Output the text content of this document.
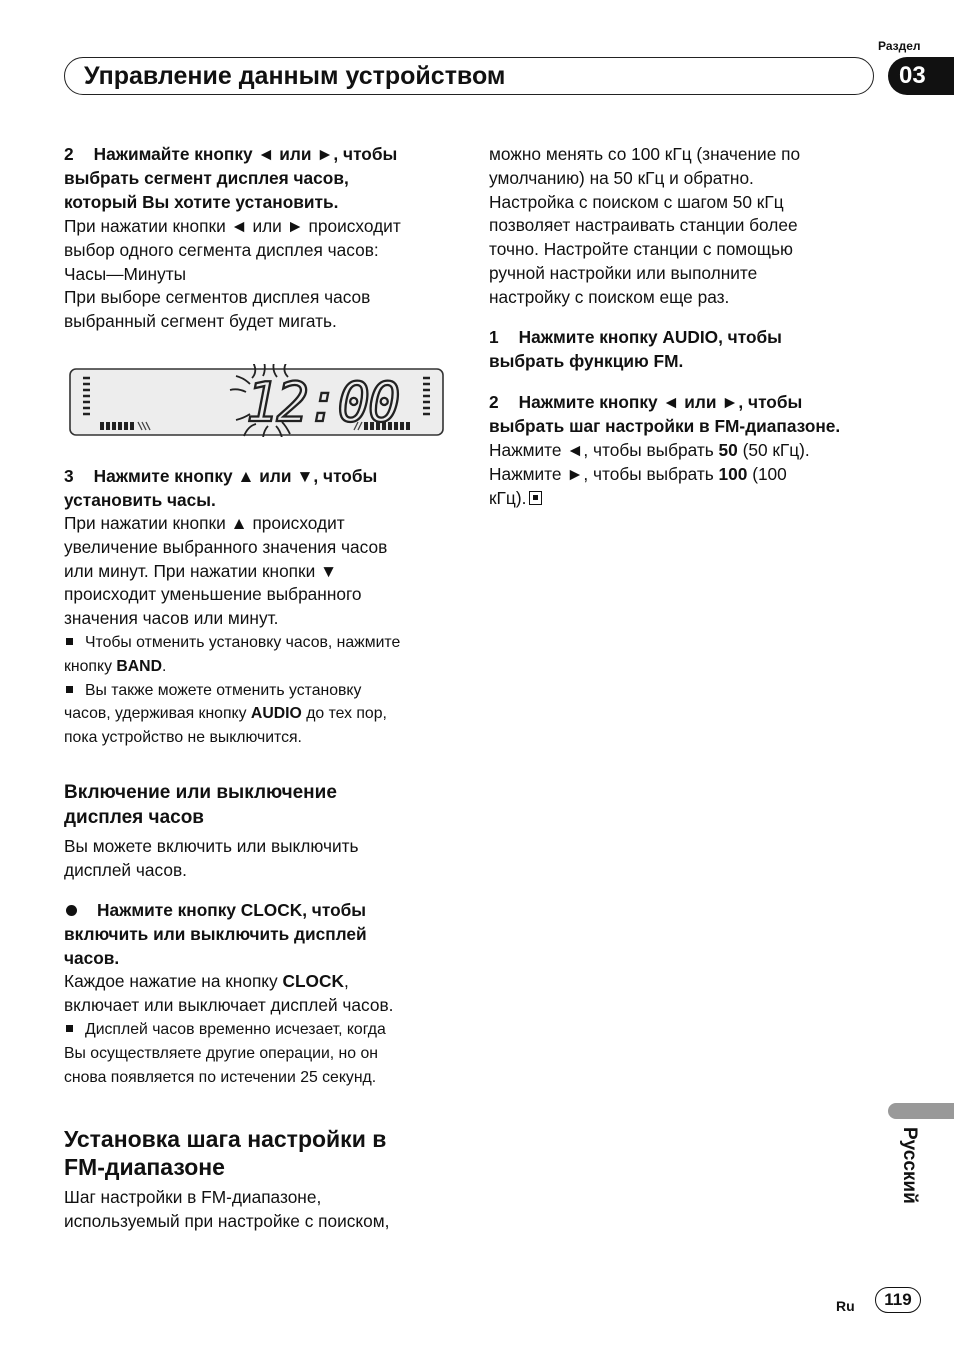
Раздел
Управление данным устройством	03
2 Нажимайте кнопку ◄ или ►, чтобы
выбрать сегмент дисплея часов,
который Вы хотите установить.
При нажатии кнопки ◄ или ► происходит
выбор одного сегмента дисплея часов:
Часы—Минуты
При выборе сегментов дисплея часов
выбранный сегмент будет мигать.
12:00
3 Нажмите кнопку ▲ или ▼, чтобы
установить часы.
При нажатии кнопки ▲ происходит
увеличение выбранного значения часов
или минут. При нажатии кнопки ▼
происходит уменьшение выбранного
значения часов или минут.
Чтобы отменить установку часов, нажмите
кнопку BAND.
Вы также можете отменить установку
часов, удерживая кнопку AUDIO до тех пор,
пока устройство не выключится.
Включение или выключение
дисплея часов
Вы можете включить или выключить
дисплей часов.
Нажмите кнопку CLOCK, чтобы
включить или выключить дисплей
часов.
Каждое нажатие на кнопку CLOCK,
включает или выключает дисплей часов.
Дисплей часов временно исчезает, когда
Вы осуществляете другие операции, но он
снова появляется по истечении 25 секунд.
Установка шага настройки в
FM-диапазоне
Шаг настройки в FM-диапазоне,
используемый при настройке с поиском,
можно менять со 100 кГц (значение по
умолчанию) на 50 кГц и обратно.
Настройка с поиском с шагом 50 кГц
позволяет настраивать станции более
точно. Настройте станции с помощью
ручной настройки или выполните
настройку с поиском еще раз.
1 Нажмите кнопку AUDIO, чтобы
выбрать функцию FM.
2 Нажмите кнопку ◄ или ►, чтобы
выбрать шаг настройки в FM-диапазоне.
Нажмите ◄, чтобы выбрать 50 (50 кГц).
Нажмите ►, чтобы выбрать 100 (100
кГц).
Русский
Ru	119
